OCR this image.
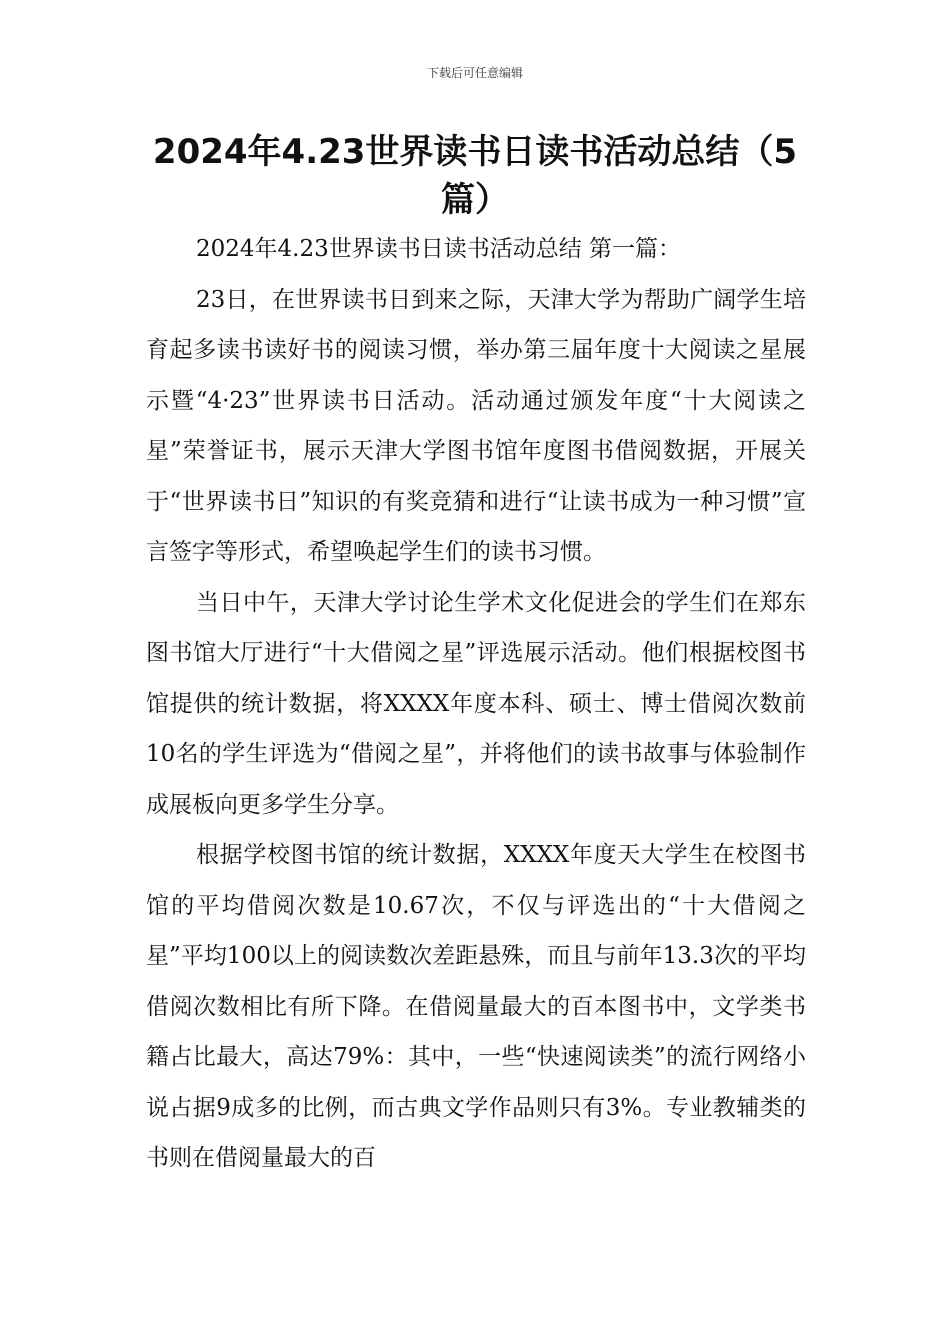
下载后可任意编辑
2024年4.23世界读书日读书活动总结（5篇）

2024年4.23世界读书日读书活动总结 第一篇：

23日，在世界读书日到来之际，天津大学为帮助广阔学生培育起多读书读好书的阅读习惯，举办第三届年度十大阅读之星展示暨“4·23”世界读书日活动。活动通过颁发年度“十大阅读之星”荣誉证书，展示天津大学图书馆年度图书借阅数据，开展关于“世界读书日”知识的有奖竞猜和进行“让读书成为一种习惯”宣言签字等形式，希望唤起学生们的读书习惯。

当日中午，天津大学讨论生学术文化促进会的学生们在郑东图书馆大厅进行“十大借阅之星”评选展示活动。他们根据校图书馆提供的统计数据，将XXXX年度本科、硕士、博士借阅次数前10名的学生评选为“借阅之星”，并将他们的读书故事与体验制作成展板向更多学生分享。

根据学校图书馆的统计数据，XXXX年度天大学生在校图书馆的平均借阅次数是10.67次，不仅与评选出的“十大借阅之星”平均100以上的阅读数次差距悬殊，而且与前年13.3次的平均借阅次数相比有所下降。在借阅量最大的百本图书中，文学类书籍占比最大，高达79%：其中，一些“快速阅读类”的流行网络小说占据9成多的比例，而古典文学作品则只有3%。专业教辅类的书则在借阅量最大的百
